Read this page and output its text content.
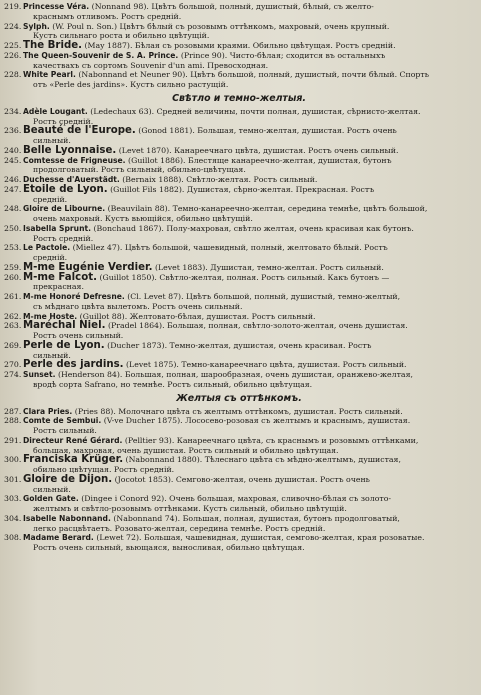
219. Princesse Véra. (Nonnand 98). Цвѣтъ большой, полный, душистый, бѣлый, съ желто-
краснымъ отливомъ. Ростъ средній.
224. Sylph. (W. Poul n. Son.) Цвѣтъ бѣлый съ розовымъ оттѣнкомъ, махровый, очень крупный.
Кустъ сильнаго роста и обильно цвѣтущій.
225. The Bride. (May 1887). Бѣлая съ розовыми краями. Обильно цвѣтущая. Ростъ средній.
226. The Queen-Souvenir de S. A. Prince. (Prince 90). Чисто-бѣлая; сходится въ остальныхъ
качествахъ съ сортомъ Souvenir d'un ami. Превосходная.
228. White Pearl. (Nabonnand et Neuner 90). Цвѣтъ большой, полный, душистый, почти бѣлый. Спорть
отъ «Perle des jardins». Кустъ сильно растущій.
Свѣтло и темно-желтыя.
234. Adèle Lougant. (Ledechaux 63). Средней величины, почти полная, душистая, сѣрнисто-желтая.
Ростъ средній.
236. Beauté de l'Europe. (Gonod 1881). Большая, темно-желтая, душистая. Ростъ очень
сильный.
240. Belle Lyonnaise. (Levet 1870). Канареечнаго цвѣта, душистая. Ростъ очень сильный.
245. Comtesse de Frigneuse. (Guillot 1886). Блестяще канареечно-желтая, душистая, бутонъ
продолговатый. Ростъ сильный, обильно-цвѣтущая.
246. Duchesse d'Auerstädt. (Bernaix 1888). Свѣтло-желтая. Ростъ сильный.
247. Etoile de Lyon. (Guillot Fils 1882). Душистая, сѣрно-желтая. Прекрасная. Ростъ
средній.
248. Gloire de Libourne. (Beauvilain 88). Темно-канареечно-желтая, середина темнѣе, цвѣтъ большой,
очень махровый. Кустъ вьющійся, обильно цвѣтущій.
250. Isabella Sprunt. (Bonchaud 1867). Полу-махровая, свѣтло желтая, очень красивая как бутонъ.
Ростъ средній.
253. Le Pactole. (Miellez 47). Цвѣтъ большой, чашевидный, полный, желтовато бѣлый. Ростъ
средній.
259. M-me Eugénie Verdier. (Levet 1883). Душистая, темно-желтая. Ростъ сильный.
260. M-me Falcot. (Guillot 1850). Свѣтло-желтая, полная. Ростъ сильный. Какъ бутонъ —
прекрасная.
261. M-me Honoré Defresne. (Cl. Levet 87). Цвѣтъ большой, полный, душистый, темно-желтый,
съ мѣднаго цвѣта вылетомъ. Ростъ очень сильный.
262. M-me Hoste. (Guillot 88). Желтовато-бѣлая, душистая. Ростъ сильный.
263. Maréchal Niel. (Pradel 1864). Большая, полная, свѣтло-золото-желтая, очень душистая.
Ростъ очень сильный.
269. Perle de Lyon. (Ducher 1873). Темно-желтая, душистая, очень красивая. Ростъ
сильный.
270. Perle des jardins. (Levet 1875). Темно-канареечнаго цвѣта, душистая. Ростъ сильный.
274. Sunset. (Henderson 84). Большая, полная, шарообразная, очень душистая, оранжево-желтая,
вродѣ сорта Safrano, но темнѣе. Ростъ сильный, обильно цвѣтущая.
Желтыя съ оттѣнкомъ.
287. Clara Pries. (Pries 88). Молочнаго цвѣта съ желтымъ оттѣнкомъ, душистая. Ростъ сильный.
288. Comte de Sembui. (V-ve Ducher 1875). Лососево-розовая съ желтымъ и краснымъ, душистая.
Ростъ сильный.
291. Directeur René Gérard. (Pelltier 93). Канареечнаго цвѣта, съ краснымъ и розовымъ оттѣнками,
большая, махровая, очень душистая. Ростъ сильный и обильно цвѣтущая.
300. Franciska Krüger. (Nabonnand 1880). Тѣлеснаго цвѣта съ мѣдно-желтымъ, душистая,
обильно цвѣтущая. Ростъ средній.
301. Gloire de Dijon. (Jocotot 1853). Семгово-желтая, очень душистая. Ростъ очень
сильный.
303. Golden Gate. (Dingee i Conord 92). Очень большая, махровая, сливочно-бѣлая съ золото-
желтымъ и свѣтло-розовымъ оттѣнками. Кустъ сильный, обильно цвѣтущій.
304. Isabelle Nabonnand. (Nabonnand 74). Большая, полная, душистая, бутонъ продолговатый,
легко расцвѣтаетъ. Розовато-желтая, середина темнѣе. Ростъ средній.
308. Madame Berard. (Lewet 72). Большая, чашевидная, душистая, семгово-желтая, края розоватые.
Ростъ очень сильный, вьющаяся, выносливая, обильно цвѣтущая.
